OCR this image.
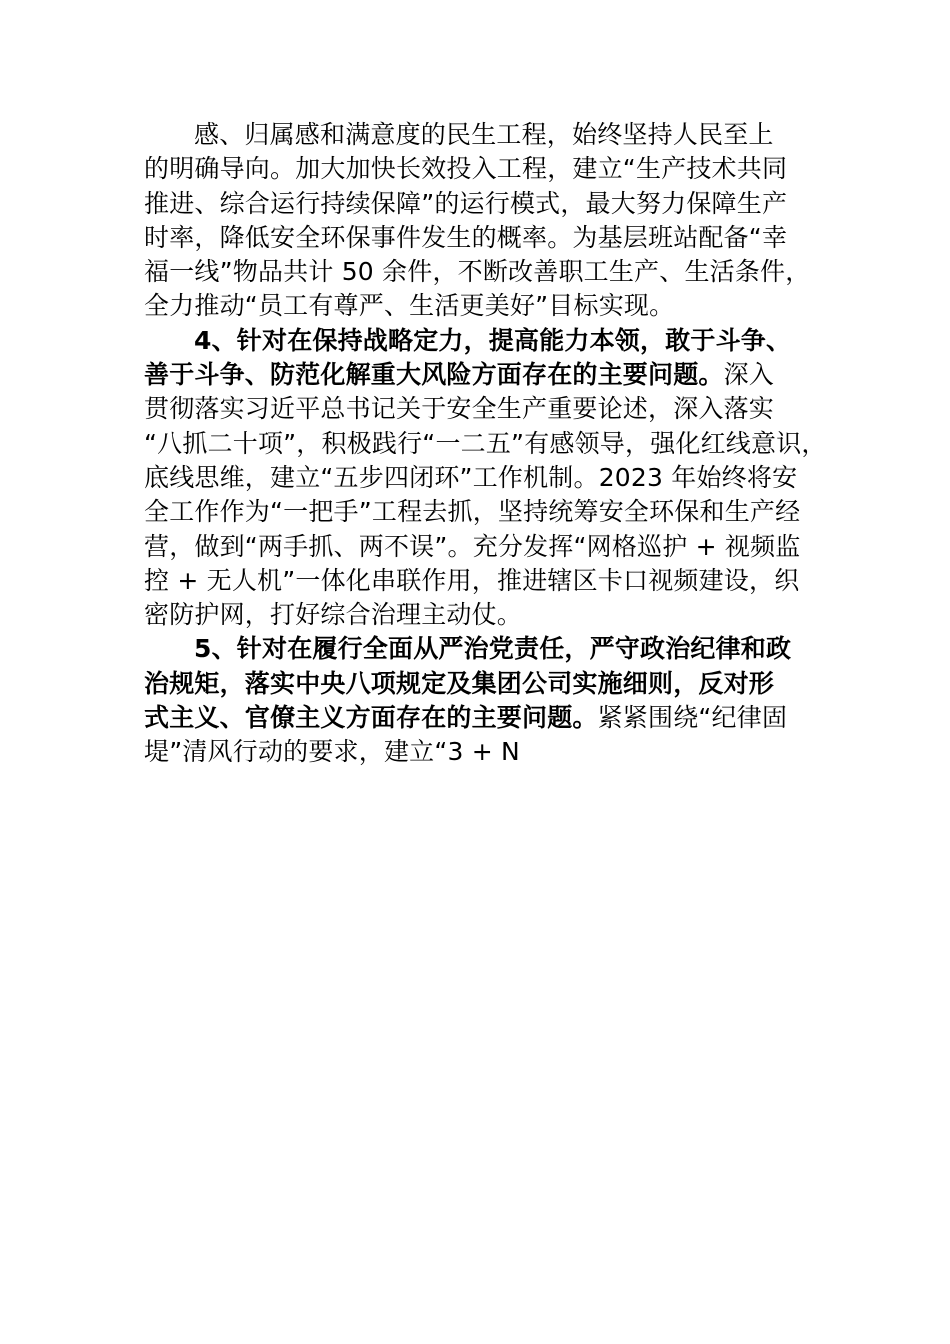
感、归属感和满意度的民生工程，始终坚持人民至上
的明确导向。加大加快长效投入工程，建立“生产技术共同
推进、综合运行持续保障”的运行模式，最大努力保障生产
时率，降低安全环保事件发生的概率。为基层班站配备“幸
福一线”物品共计 50 余件，不断改善职工生产、生活条件，
全力推动“员工有尊严、生活更美好”目标实现。
4、针对在保持战略定力，提高能力本领，敢于斗争、
善于斗争、防范化解重大风险方面存在的主要问题。深入
贯彻落实习近平总书记关于安全生产重要论述，深入落实
“八抓二十项”，积极践行“一二五”有感领导，强化红线意识，
底线思维，建立“五步四闭环”工作机制。2023 年始终将安
全工作作为“一把手”工程去抓，坚持统筹安全环保和生产经
营，做到“两手抓、两不误”。充分发挥“网格巡护 + 视频监
控 + 无人机”一体化串联作用，推进辖区卡口视频建设，织
密防护网，打好综合治理主动仗。
5、针对在履行全面从严治党责任，严守政治纪律和政
治规矩，落实中央八项规定及集团公司实施细则，反对形
式主义、官僚主义方面存在的主要问题。紧紧围绕“纪律固
堤”清风行动的要求，建立“3 + N
